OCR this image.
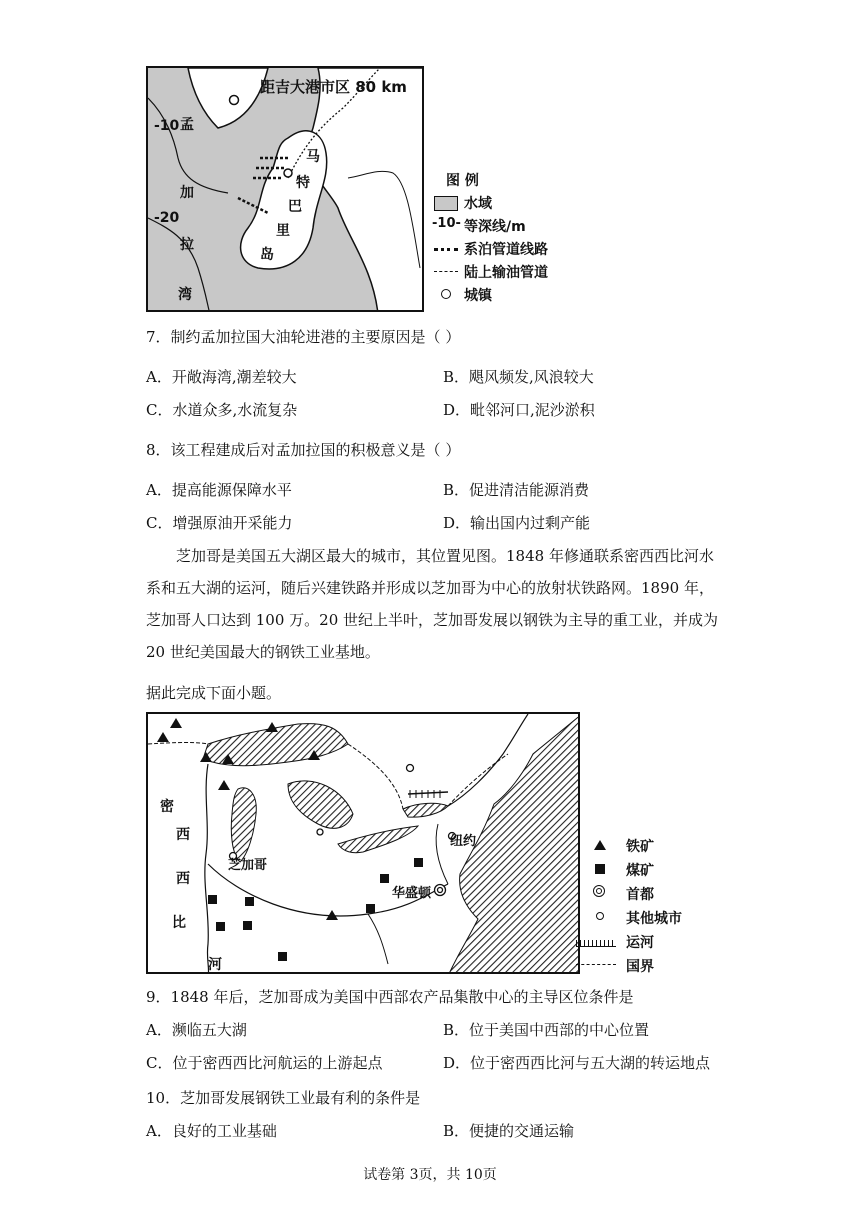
距吉大港市区 80 km
-10
-20
孟
加
拉
湾
马
特
巴
里
岛
图 例
水域
-10- 等深线/m
系泊管道线路
陆上输油管道
城镇
7．制约孟加拉国大油轮进港的主要原因是（ ）
A．开敞海湾,潮差较大	B．飓风频发,风浪较大
C．水道众多,水流复杂	D．毗邻河口,泥沙淤积
8．该工程建成后对孟加拉国的积极意义是（ ）
A．提高能源保障水平	B．促进清洁能源消费
C．增强原油开采能力	D．输出国内过剩产能
芝加哥是美国五大湖区最大的城市，其位置见图。1848 年修通联系密西西比河水系和五大湖的运河，随后兴建铁路并形成以芝加哥为中心的放射状铁路网。1890 年，芝加哥人口达到 100 万。20 世纪上半叶，芝加哥发展以钢铁为主导的重工业，并成为 20 世纪美国最大的钢铁工业基地。
据此完成下面小题。
密
西
西
比
河
芝加哥
纽约
华盛顿
铁矿
煤矿
首都
其他城市
运河
国界
9．1848 年后，芝加哥成为美国中西部农产品集散中心的主导区位条件是
A．濒临五大湖	B．位于美国中西部的中心位置
C．位于密西西比河航运的上游起点	D．位于密西西比河与五大湖的转运地点
10．芝加哥发展钢铁工业最有利的条件是
A．良好的工业基础	B．便捷的交通运输
试卷第 3页，共 10页
